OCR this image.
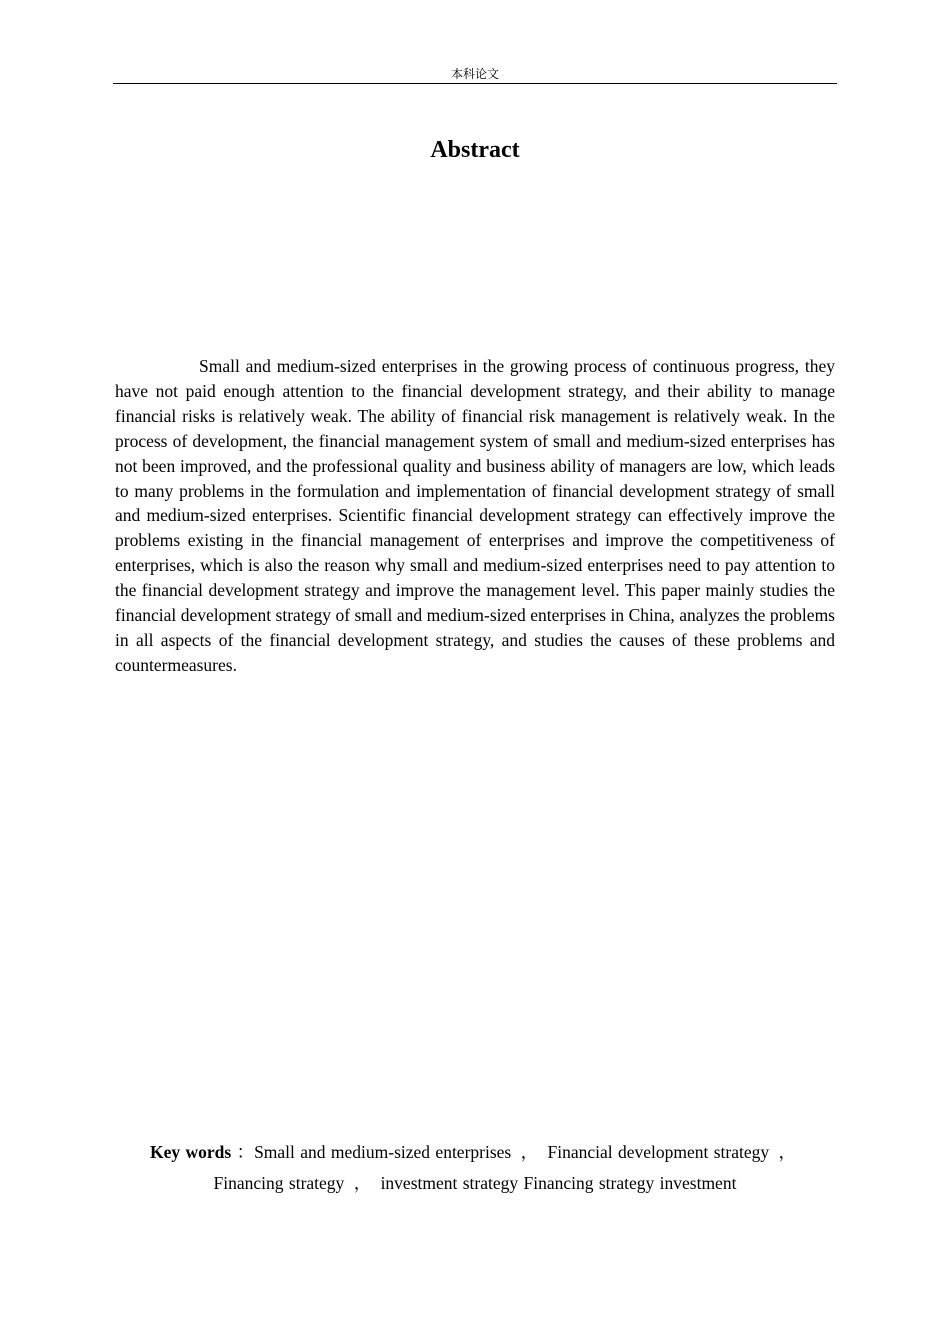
本科论文
Abstract

Small and medium-sized enterprises in the growing process of continuous progress, they have not paid enough attention to the financial development strategy, and their ability to manage financial risks is relatively weak. The ability of financial risk management is relatively weak. In the process of development, the financial management system of small and medium-sized enterprises has not been improved, and the professional quality and business ability of managers are low, which leads to many problems in the formulation and implementation of financial development strategy of small and medium-sized enterprises. Scientific financial development strategy can effectively improve the problems existing in the financial management of enterprises and improve the competitiveness of enterprises, which is also the reason why small and medium-sized enterprises need to pay attention to the financial development strategy and improve the management level. This paper mainly studies the financial development strategy of small and medium-sized enterprises in China, analyzes the problems in all aspects of the financial development strategy, and studies the causes of these problems and countermeasures.

Key words ：Small and medium-sized enterprises ， Financial development strategy ， Financing strategy ， investment strategy Financing strategy investment
